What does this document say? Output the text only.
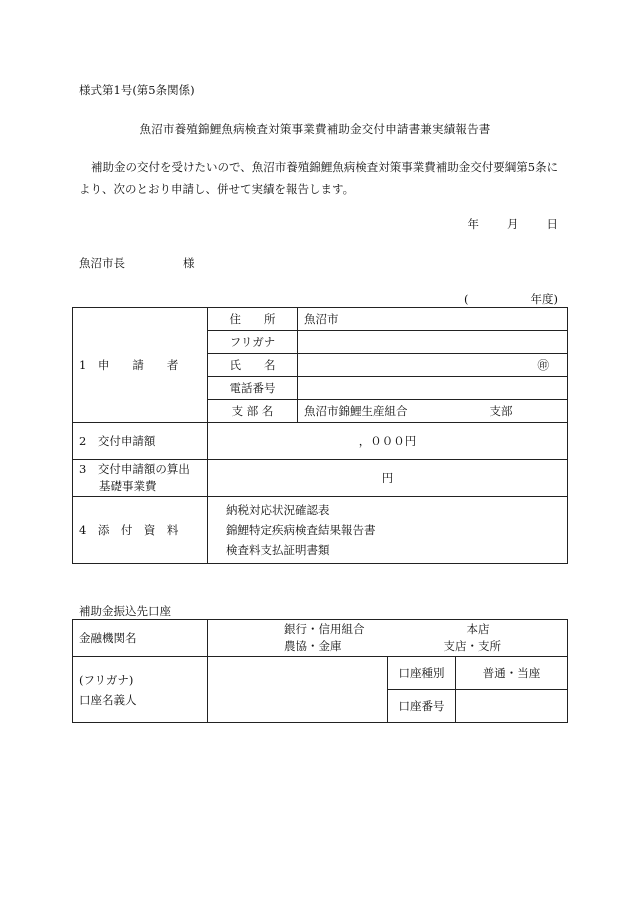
様式第1号(第5条関係)
魚沼市養殖錦鯉魚病検査対策事業費補助金交付申請書兼実績報告書
補助金の交付を受けたいので、魚沼市養殖錦鯉魚病検査対策事業費補助金交付要綱第5条により、次のとおり申請し、併せて実績を報告します。
年 月 日
魚沼市長	様
(	年度)
1　申　　請　　者	住　　所	魚沼市
	フリガナ	
	氏　　名	㊞
	電話番号	
	支 部 名	魚沼市錦鯉生産組合 支部
2　交付申請額	，０００円	

3　交付申請額の算出
基礎事業費	円	
4　添　付　資　料	納税対応状況確認表
錦鯉特定疾病検査結果報告書
検査料支払証明書類	
補助金振込先口座
金融機関名	銀行・信用組合 本店
農協・金庫 支店・支所		

(フリガナ)
口座名義人		口座種別	普通・当座
		口座番号	
